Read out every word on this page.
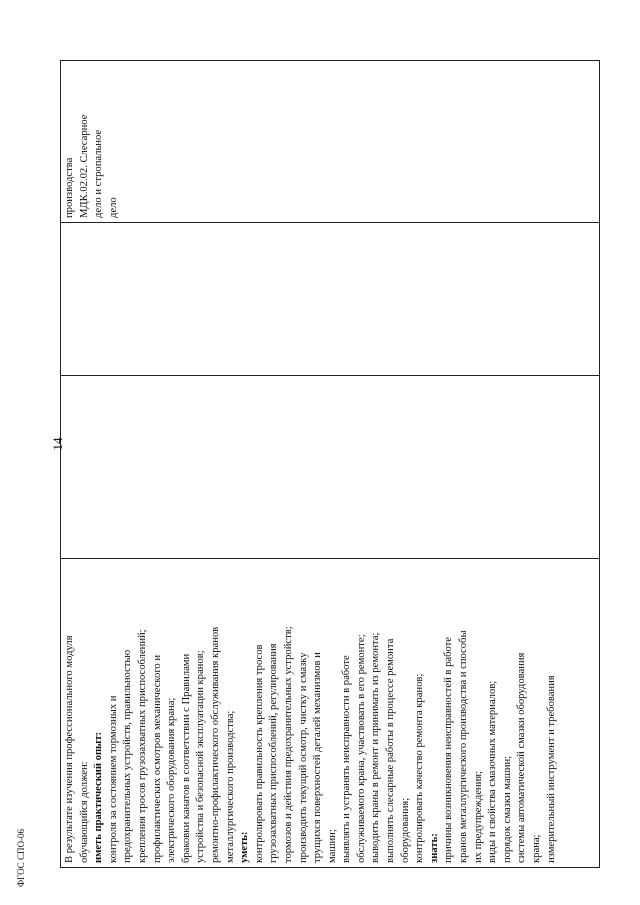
14
В результате изучения профессионального модуля обучающийся должен: иметь практический опыт: контроля за состоянием тормозных и предохранительных устройств, правильностью крепления тросов грузозахватных приспособлений; профилактических осмотров механического и электрического оборудования крана; браковки канатов в соответствии с Правилами устройства и безопасной эксплуатации кранов; ремонтно-профилактического обслуживания кранов металлургического производства; уметь: контролировать правильность крепления тросов грузозахватных приспособлений, регулирования тормозов и действия предохранительных устройств; производить текущий осмотр, чистку и смазку трущихся поверхностей деталей механизмов и машин; выявлять и устранять неисправности в работе обслуживаемого крана, участвовать в его ремонте; выводить краны в ремонт и принимать из ремонта; выполнять слесарные работы в процессе ремонта оборудования; контролировать качество ремонта кранов; знать: причины возникновения неисправностей в работе кранов металлургического производства и способы их предупреждения; виды и свойства смазочных материалов; порядок смазки машин; системы автоматической смазки оборудования крана; измерительный инструмент и требования
производства МДК.02.02. Слесарное дело и стропальное дело
ФГОС СПО-06
